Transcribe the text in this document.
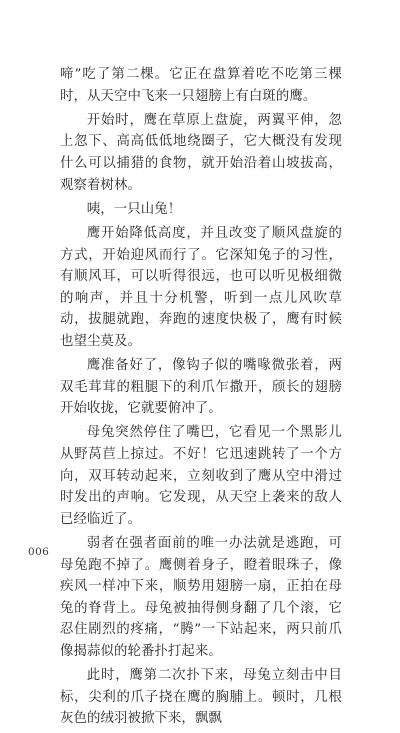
啼”吃了第二棵。它正在盘算着吃不吃第三棵时，从天空中飞来一只翅膀上有白斑的鹰。

开始时，鹰在草原上盘旋，两翼平伸，忽上忽下、高高低低地绕圈子，它大概没有发现什么可以捕猎的食物，就开始沿着山坡拔高，观察着树林。

咦，一只山兔！

鹰开始降低高度，并且改变了顺风盘旋的方式，开始迎风而行了。它深知兔子的习性，有顺风耳，可以听得很远，也可以听见极细微的响声，并且十分机警，听到一点儿风吹草动，拔腿就跑，奔跑的速度快极了，鹰有时候也望尘莫及。

鹰准备好了，像钩子似的嘴喙微张着，两双毛茸茸的粗腿下的利爪乍撒开，颀长的翅膀开始收拢，它就要俯冲了。

母兔突然停住了嘴巴，它看见一个黑影儿从野莴苣上掠过。不好！它迅速跳转了一个方向，双耳转动起来，立刻收到了鹰从空中滑过时发出的声响。它发现，从天空上袭来的敌人已经临近了。

弱者在强者面前的唯一办法就是逃跑，可母兔跑不掉了。鹰侧着身子，瞪着眼珠子，像疾风一样冲下来，顺势用翅膀一扇，正拍在母兔的脊背上。母兔被抽得侧身翻了几个滚，它忍住剧烈的疼痛，“腾”一下站起来，两只前爪像揭蒜似的轮番扑打起来。

此时，鹰第二次扑下来，母兔立刻击中目标，尖利的爪子挠在鹰的胸脯上。顿时，几根灰色的绒羽被掀下来，飘飘

006
